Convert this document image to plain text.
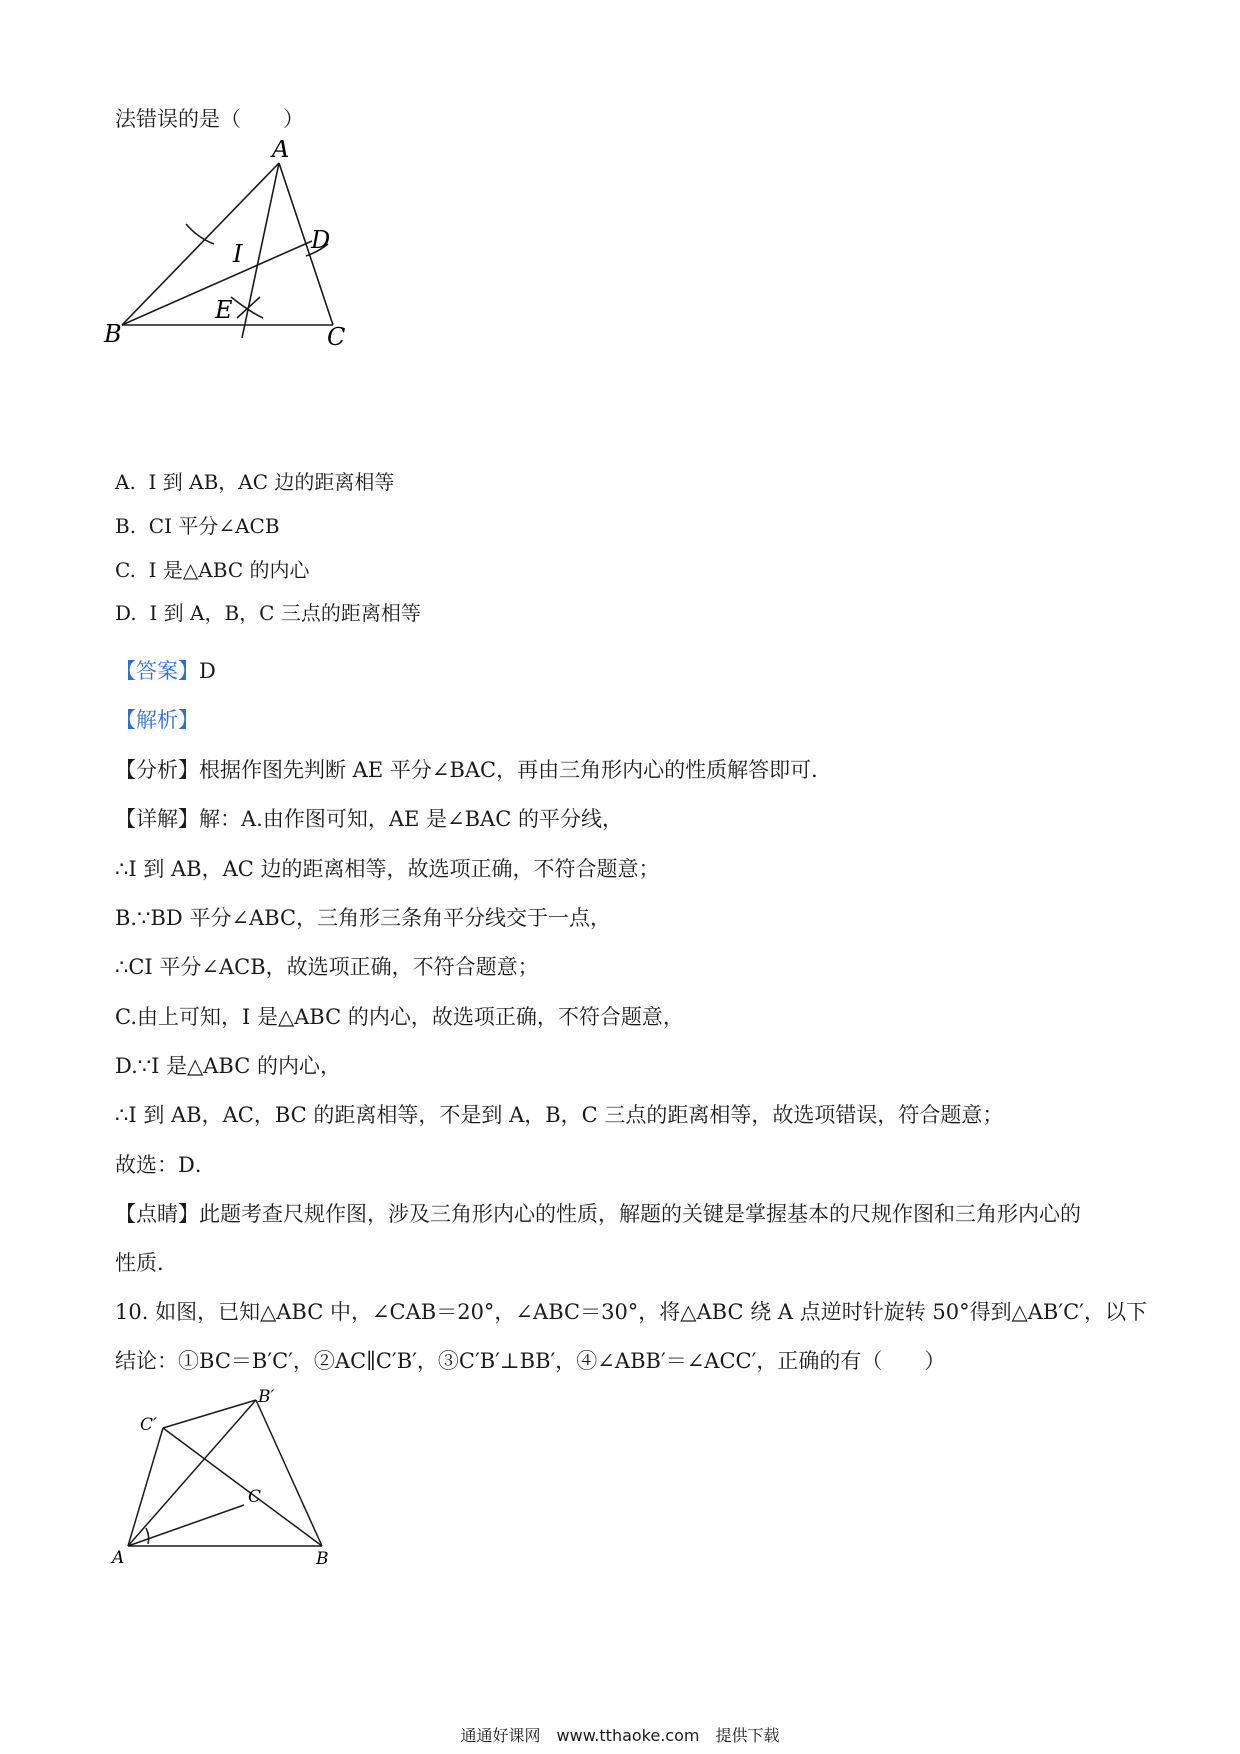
法错误的是（　　）
A
B	C
D
I
E
A. I 到 AB，AC 边的距离相等
B. CI 平分∠ACB
C. I 是△ABC 的内心
D. I 到 A，B，C 三点的距离相等
【答案】D
【解析】
【分析】根据作图先判断 AE 平分∠BAC，再由三角形内心的性质解答即可．
【详解】解：A.由作图可知，AE 是∠BAC 的平分线，
∴I 到 AB，AC 边的距离相等，故选项正确，不符合题意；
B.∵BD 平分∠ABC，三角形三条角平分线交于一点，
∴CI 平分∠ACB，故选项正确，不符合题意；
C.由上可知，I 是△ABC 的内心，故选项正确，不符合题意，
D.∵I 是△ABC 的内心，
∴I 到 AB，AC，BC 的距离相等，不是到 A，B，C 三点的距离相等，故选项错误，符合题意；
故选：D．
【点睛】此题考查尺规作图，涉及三角形内心的性质，解题的关键是掌握基本的尺规作图和三角形内心的
性质．
10. 如图，已知△ABC 中，∠CAB＝20°，∠ABC＝30°，将△ABC 绕 A 点逆时针旋转 50°得到△AB′C′，以下
结论：①BC＝B′C′，②AC∥C′B′，③C′B′⊥BB′，④∠ABB′＝∠ACC′，正确的有（　　）
A	B
C
B′
C′
通通好课网　www.tthaoke.com　提供下载
